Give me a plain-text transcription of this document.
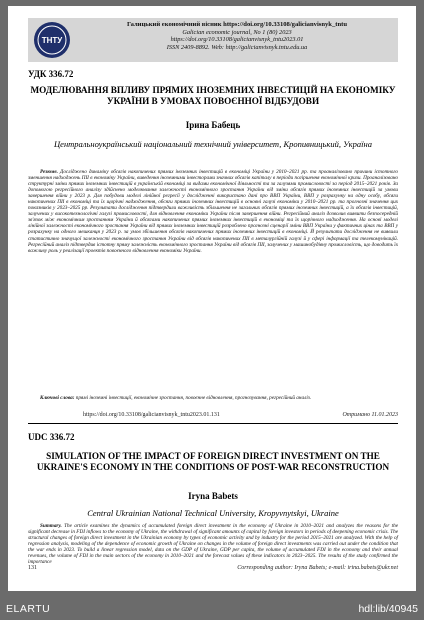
ТНТУ
Галицький економічний вісник https://doi.org/10.33108/galicianvisnyk_tntu
Galician economic journal, No 1 (80) 2023
https://doi.org/10.33108/galicianvisnyk_tntu2023.01
ISSN 2409-8892. Web: http://galicianvisnyk.tntu.edu.ua
УДК 336.72
МОДЕЛЮВАННЯ ВПЛИВУ ПРЯМИХ ІНОЗЕМНИХ ІНВЕСТИЦІЙ НА ЕКОНОМІКУ УКРАЇНИ В УМОВАХ ПОВОЄННОЇ ВІДБУДОВИ
Ірина Бабець
Центральноукраїнський національний технічний університет, Кропивницький, Україна
Резюме. Досліджено динаміку обсягів накопичених прямих іноземних інвестицій в економіці України у 2010–2021 рр. та проаналізовано причини істотного зменшення надходжень ПІІ в економіку України, виведення іноземними інвесторами значних обсягів капіталу в періоди погіршення економічної кризи. Проаналізовано структурні зміни прямих іноземних інвестицій в українській економіці за видами економічної діяльності та за галузями промисловості за період 2015–2021 років. За допомогою регресійного аналізу здійснено моделювання залежності економічного зростання України від зміни обсягів прямих іноземних інвестицій за умови завершення війни у 2023 р. Для побудови моделі лінійної регресії у дослідженні використано дані про ВВП України, ВВП у розрахунку на одну особу, обсяги накопичених ПІІ в економіці та їх щорічні надходження, обсяги прямих іноземних інвестицій в основні галузі економіки у 2010–2021 рр. та прогнозні значення цих показників у 2023–2025 рр. Результати дослідження підтвердили важливість збільшення не загальних обсягів прямих іноземних інвестицій, а їх обсягів інвестицій, залучених у високотехнологічні галузі промисловості, для відновлення економіки України після завершення війни. Регресійний аналіз дозволив виявити безпосередній зв'язок між економічним зростанням України й обсягами накопичених прямих іноземних інвестицій в економіці та їх щорічного надходження. На основі моделі лінійної залежності економічного зростання України від прямих іноземних інвестицій розроблено прогнозні сценарії зміни ВВП України у фактичних цінах та ВВП у розрахунку на одного мешканця у 2023 р. за умов збільшення обсягів накопичених прямих іноземних інвестицій в економіці. Й результати дослідження не виявили статистично значущої залежності економічного зростання України від обсягів накопичених ПІІ в металургійній галузі й у сфері інформації та телекомунікацій. Регресійний аналіз підтвердив істотну пряму залежність економічного зростання України від обсягів ПІІ, залучених у машинобудівну промисловість, що доводить їх важливу роль у реалізації проектів повоєнного відновлення економіки України.
Ключові слова: прямі іноземні інвестиції, економічне зростання, повоєнне відновлення, прогнозування, регресійний аналіз.
https://doi.org/10.33108/galicianvisnyk_tntu2023.01.131	Отримано 11.01.2023
UDC 336.72
SIMULATION OF THE IMPACT OF FOREIGN DIRECT INVESTMENT ON THE UKRAINE'S ECONOMY IN THE CONDITIONS OF POST-WAR RECONSTRUCTION
Iryna Babets
Central Ukrainian National Technical University, Kropyvnytskyi, Ukraine
Summary. The article examines the dynamics of accumulated foreign direct investment in the economy of Ukraine in 2010–2021 and analyzes the reasons for the significant decrease in FDI inflows to the economy of Ukraine, the withdrawal of significant amounts of capital by foreign investors in periods of deepening economic crisis. The structural changes of foreign direct investment in the Ukrainian economy by types of economic activity and by industry for the period 2015–2021 are analyzed. With the help of regression analysis, modeling of the dependence of economic growth of Ukraine on changes in the volume of foreign direct investments was carried out under the condition that the war ends in 2023. To build a linear regression model, data on the GDP of Ukraine, GDP per capita, the volume of accumulated FDI in the economy and their annual revenues, the volume of FDI in the main sectors of the economy in 2010–2021 and the forecast values of these indicators in 2023–2025. The results of the study confirmed the importance
131	Corresponding author: Iryna Babets; e-mail: irina.babets@ukr.net
ELARTU	hdl:lib/40945
